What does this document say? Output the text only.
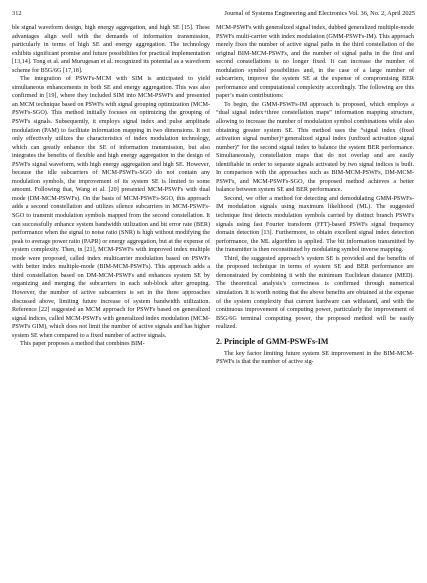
312	Journal of Systems Engineering and Electronics Vol. 36, No. 2, April 2025

ble signal waveform design, high energy aggregation, and high SE [15]. These advantages align well with the demands of information transmission, particularly in terms of high SE and energy aggregation. The technology exhibits significant promise and future possibilities for practical implementation [13,14]. Tong et al. and Murugesan et al. recognized its potential as a waveform scheme for B5G/6G [17,18].

The integration of PSWFs-MCM with SIM is anticipated to yield simultaneous enhancements in both SE and energy aggregation. This was also confirmed in [19], where they included SIM into MCM-PSWFs and presented an MCM technique based on PSWFs with signal grouping optimization (MCM-PSWFs-SGO). This method initially focuses on optimizing the grouping of PSWFs signals. Subsequently, it employs signal index and pulse amplitude modulation (PAM) to facilitate information mapping in two dimensions. It not only effectively utilizes the characteristics of index modulation technology, which can greatly enhance the SE of information transmission, but also integrates the benefits of flexible and high energy aggregation in the design of PSWFs signal waveform, with high energy aggregation and high SE. However, because the idle subcarriers of MCM-PSWFs-SGO do not contain any modulation symbols, the improvement of its system SE is limited to some amount. Following that, Wang et al. [20] presented MCM-PSWFs with dual mode (DM-MCM-PSWFs). On the basis of MCM-PSWFs-SGO, this approach adds a second constellation and utilizes silence subcarriers in MCM-PSWFs-SGO to transmit modulation symbols mapped from the second constellation. It can successfully enhance system bandwidth utilization and bit error rate (BER) performance when the signal to noise ratio (SNR) is high without modifying the peak to average power ratio (PAPR) or energy aggregation, but at the expense of system complexity. Then, in [21], MCM-PSWFs with improved index multiple mode were proposed, called index multicarrier modulation based on PSWFs with better index multiple-mode (BIM-MCM-PSWFs). This approach adds a third constellation based on DM-MCM-PSWFs and enhances system SE by organizing and merging the subcarriers in each sub-block after grouping. However, the number of active subcarriers is set in the three approaches discussed above, limiting future increase of system bandwidth utilization. Reference [22] suggested an MCM approach for PSWFs based on generalized signal indices, called MCM-PSWFs with generalized index modulation (MCM-PSWFs GIM), which does not limit the number of active signals and has higher system SE when compared to a fixed number of active signals.

This paper proposes a method that combines BIM-

MCM-PSWFs with generalized signal index, dubbed generalized multiple-mode PSWFs multi-carrier with index modulation (GMM-PSWFs-IM). This approach merely fixes the number of active signal paths in the third constellation of the original BIM-MCM-PSWFs, and the number of signal paths in the first and second constellations is no longer fixed. It can increase the number of modulation symbol possibilities and, in the case of a large number of subcarriers, improve the system SE at the expense of compromising BER performance and computational complexity accordingly. The following are this paper’s main contributions:

To begin, the GMM-PSWFs-IM approach is proposed, which employs a “dual signal index+three constellation maps” information mapping structure, allowing to increase the number of modulation symbol combinations while also obtaining greater system SE. This method uses the “signal index (fixed activation signal number)+generalized signal index (unfixed activation signal number)” for the second signal index to balance the system BER performance. Simultaneously, constellation maps that do not overlap and are easily identifiable in order to separate signals activated by two signal indices is built. In comparison with the approaches such as BIM-MCM-PSWFs, DM-MCM-PSWFs, and MCM-PSWFs-SGO, the proposed method achieves a better balance between system SE and BER performance.

Second, we offer a method for detecting and demodulating GMM-PSWFs-IM modulation signals using maximum likelihood (ML). The suggested technique first detects modulation symbols carried by distinct branch PSWFs signals using fast Fourier transform (FFT)-based PSWFs signal frequency domain detection [13]. Furthermore, to obtain excellent signal index detection performance, the ML algorithm is applied. The bit information transmitted by the transmitter is then reconstituted by modulating symbol inverse mapping.

Third, the suggested approach’s system SE is provided and the benefits of the proposed technique in terms of system SE and BER performance are demonstrated by combining it with the minimum Euclidean distance (MED). The theoretical analysis’s correctness is confirmed through numerical simulation. It is worth noting that the above benefits are obtained at the expense of the system complexity that current hardware can withstand, and with the continuous improvement of computing power, particularly the improvement of B5G/6G terminal computing power, the proposed method will be easily realized.

2. Principle of GMM-PSWFs-IM

The key factor limiting future system SE improvement in the BIM-MCM-PSWFs is that the number of active sig-
